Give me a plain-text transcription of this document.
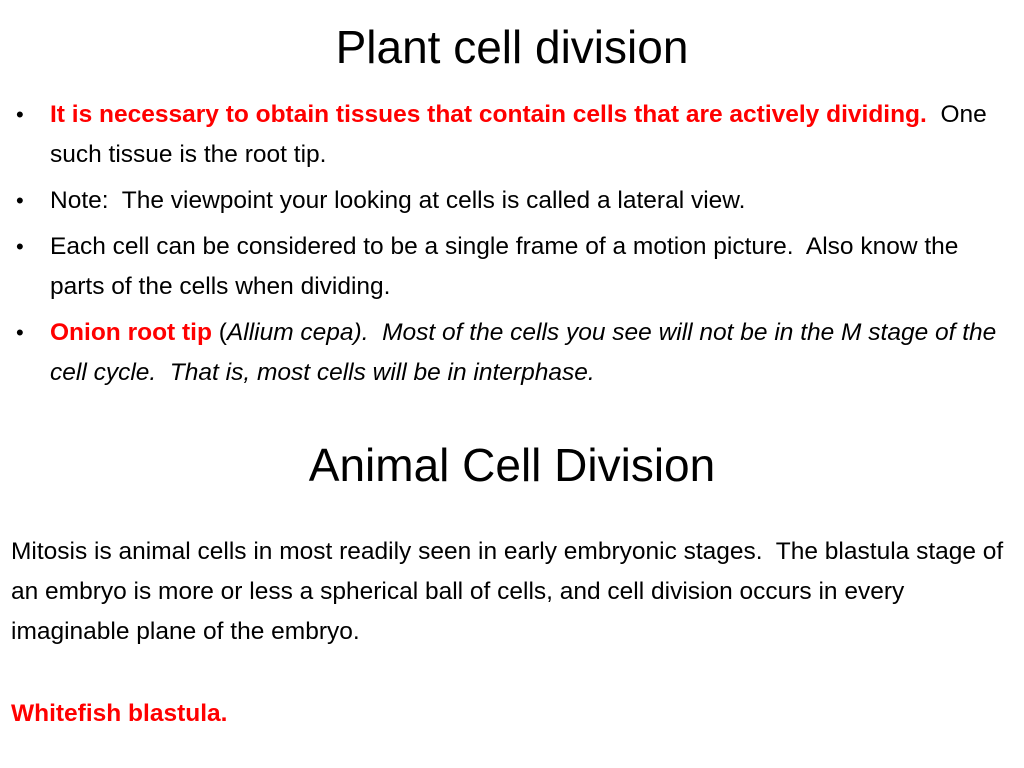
Plant cell division
• It is necessary to obtain tissues that contain cells that are actively dividing.  One such tissue is the root tip.
• Note:  The viewpoint your looking at cells is called a lateral view.
• Each cell can be considered to be a single frame of a motion picture.  Also know the parts of the cells when dividing.
• Onion root tip (Allium cepa).  Most of the cells you see will not be in the M stage of the cell cycle.  That is, most cells will be in interphase.
Animal Cell Division

Mitosis is animal cells in most readily seen in early embryonic stages.  The blastula stage of an embryo is more or less a spherical ball of cells, and cell division occurs in every imaginable plane of the embryo.

Whitefish blastula.
